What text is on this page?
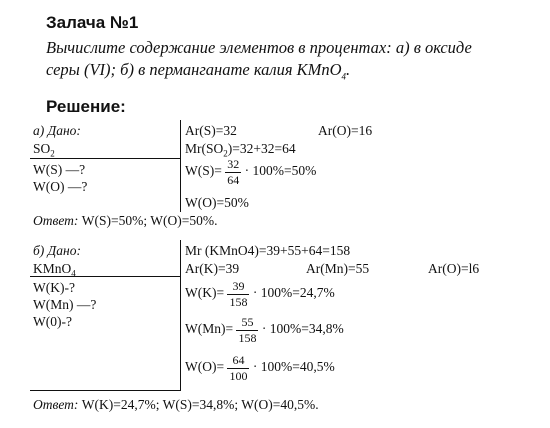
Залача №1
Вычислите содержание элементов в процентах: а) в оксиде
серы (VI); б) в перманганате калия KMnO$_4$.
Решение:
а) Дано:
$SO_2$
W(S) —?
W(O) —?
Ar(S)=32	Ar(O)=16
$Mr(SO_2)=32+32=64$
$W(S)= \frac{32}{64} \cdot 100\%=50\%$
W(O)=50%
Ответ: W(S)=50%; W(O)=50%.
б) Дано:
KMnO$_4$
W(K)-?
W(Mn) —?
W(0)-?
Mr (KMnO4)=39+55+64=158
Ar(K)=39	Ar(Mn)=55	Ar(O)=l6
$W(K)= \frac{39}{158} \cdot 100\%=24,7\%$
$W(Mn)= \frac{55}{158} \cdot 100\%=34,8\%$
$W(O)= \frac{64}{100} \cdot 100\%=40,5\%$
Ответ: W(K)=24,7%; W(S)=34,8%; W(O)=40,5%.
